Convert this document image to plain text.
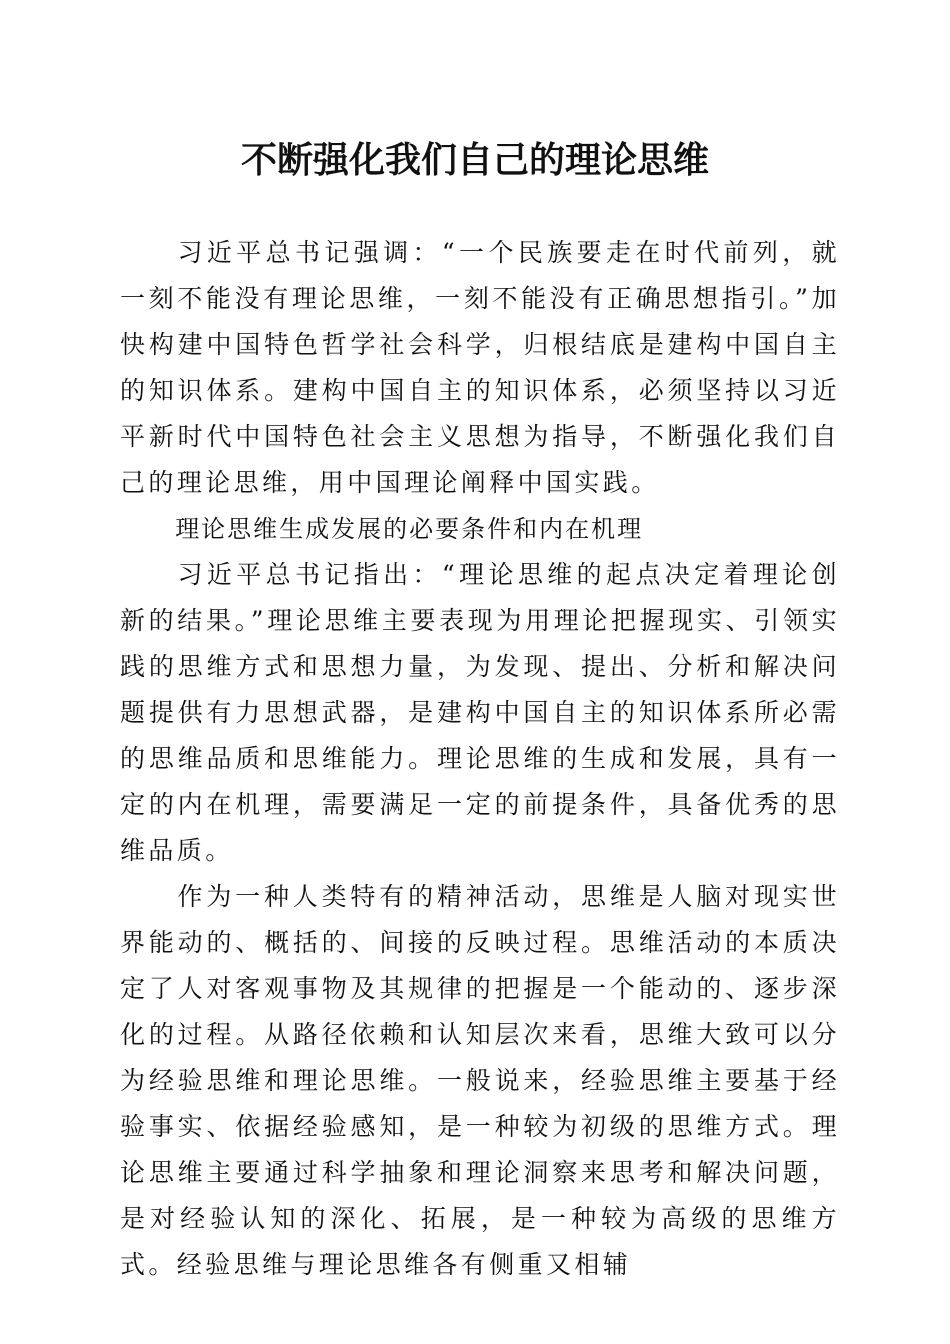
不断强化我们自己的理论思维

习近平总书记强调：“一个民族要走在时代前列，就一刻不能没有理论思维，一刻不能没有正确思想指引。”加快构建中国特色哲学社会科学，归根结底是建构中国自主的知识体系。建构中国自主的知识体系，必须坚持以习近平新时代中国特色社会主义思想为指导，不断强化我们自己的理论思维，用中国理论阐释中国实践。

理论思维生成发展的必要条件和内在机理

习近平总书记指出：“理论思维的起点决定着理论创新的结果。”理论思维主要表现为用理论把握现实、引领实践的思维方式和思想力量，为发现、提出、分析和解决问题提供有力思想武器，是建构中国自主的知识体系所必需的思维品质和思维能力。理论思维的生成和发展，具有一定的内在机理，需要满足一定的前提条件，具备优秀的思维品质。

作为一种人类特有的精神活动，思维是人脑对现实世界能动的、概括的、间接的反映过程。思维活动的本质决定了人对客观事物及其规律的把握是一个能动的、逐步深化的过程。从路径依赖和认知层次来看，思维大致可以分为经验思维和理论思维。一般说来，经验思维主要基于经验事实、依据经验感知，是一种较为初级的思维方式。理论思维主要通过科学抽象和理论洞察来思考和解决问题，是对经验认知的深化、拓展，是一种较为高级的思维方式。经验思维与理论思维各有侧重又相辅
